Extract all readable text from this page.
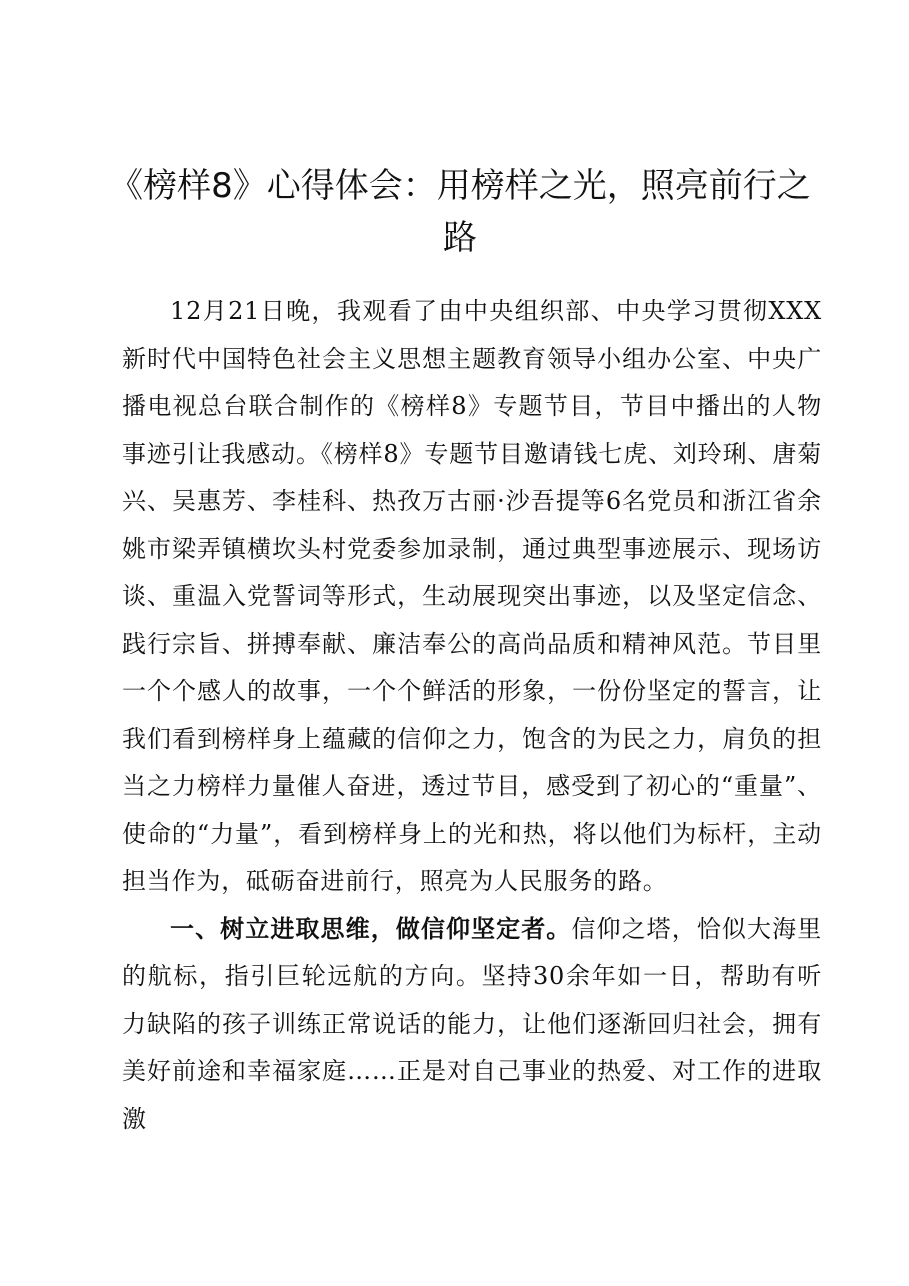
《榜样8》心得体会：用榜样之光，照亮前行之路

12月21日晚，我观看了由中央组织部、中央学习贯彻XXX新时代中国特色社会主义思想主题教育领导小组办公室、中央广播电视总台联合制作的《榜样8》专题节目，节目中播出的人物事迹引让我感动。《榜样8》专题节目邀请钱七虎、刘玲琍、唐菊兴、吴惠芳、李桂科、热孜万古丽·沙吾提等6名党员和浙江省余姚市梁弄镇横坎头村党委参加录制，通过典型事迹展示、现场访谈、重温入党誓词等形式，生动展现突出事迹，以及坚定信念、践行宗旨、拼搏奉献、廉洁奉公的高尚品质和精神风范。节目里一个个感人的故事，一个个鲜活的形象，一份份坚定的誓言，让我们看到榜样身上蕴藏的信仰之力，饱含的为民之力，肩负的担当之力榜样力量催人奋进，透过节目，感受到了初心的“重量”、使命的“力量”，看到榜样身上的光和热，将以他们为标杆，主动担当作为，砥砺奋进前行，照亮为人民服务的路。

一、树立进取思维，做信仰坚定者。信仰之塔，恰似大海里的航标，指引巨轮远航的方向。坚持30余年如一日，帮助有听力缺陷的孩子训练正常说话的能力，让他们逐渐回归社会，拥有美好前途和幸福家庭……正是对自己事业的热爱、对工作的进取激
